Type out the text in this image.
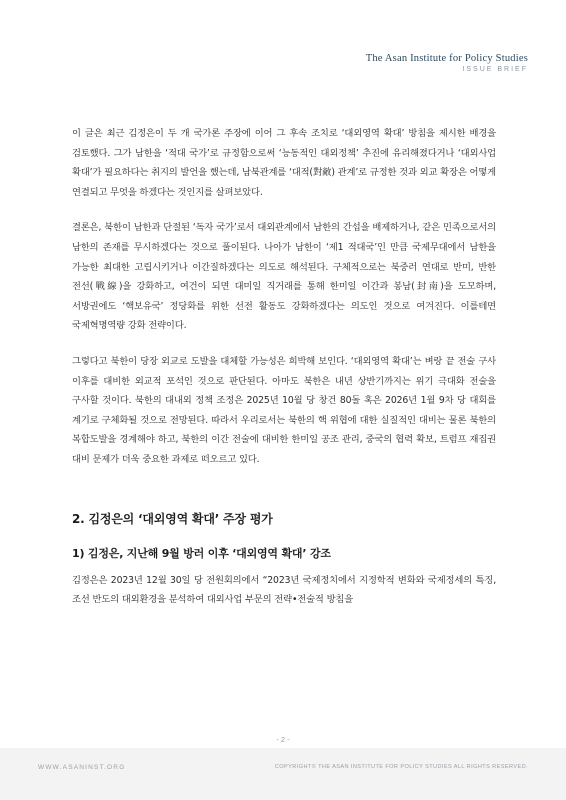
The Asan Institute for Policy Studies
ISSUE BRIEF

이 글은 최근 김정은이 두 개 국가론 주장에 이어 그 후속 조치로 ‘대외영역 확대’ 방침을 제시한 배경을 검토했다. 그가 남한을 ‘적대 국가’로 규정함으로써 ‘능동적인 대외정책’ 추진에 유리해졌다거나 ‘대외사업 확대’가 필요하다는 취지의 발언을 했는데, 남북관계를 ‘대적(對敵) 관계’로 규정한 것과 외교 확장은 어떻게 연결되고 무엇을 하겠다는 것인지를 살펴보았다.

결론은, 북한이 남한과 단절된 ‘독자 국가’로서 대외관계에서 남한의 간섭을 배제하거나, 같은 민족으로서의 남한의 존재를 무시하겠다는 것으로 풀이된다. 나아가 남한이 ‘제1 적대국’인 만큼 국제무대에서 남한을 가능한 최대한 고립시키거나 이간질하겠다는 의도로 해석된다. 구체적으로는 북중러 연대로 반미, 반한 전선(戰線)을 강화하고, 여건이 되면 대미일 직거래를 통해 한미일 이간과 봉남(封南)을 도모하며, 서방권에도 ‘핵보유국’ 정당화를 위한 선전 활동도 강화하겠다는 의도인 것으로 여겨진다. 이를테면 국제혁명역량 강화 전략이다.

그렇다고 북한이 당장 외교로 도발을 대체할 가능성은 희박해 보인다. ‘대외영역 확대’는 벼랑 끝 전술 구사 이후를 대비한 외교적 포석인 것으로 판단된다. 아마도 북한은 내년 상반기까지는 위기 극대화 전술을 구사할 것이다. 북한의 대내외 정책 조정은 2025년 10월 당 창건 80돌 혹은 2026년 1월 9차 당 대회를 계기로 구체화될 것으로 전망된다. 따라서 우리로서는 북한의 핵 위협에 대한 실질적인 대비는 물론 북한의 복합도발을 경계해야 하고, 북한의 이간 전술에 대비한 한미일 공조 관리, 중국의 협력 확보, 트럼프 재집권 대비 문제가 더욱 중요한 과제로 떠오르고 있다.

2. 김정은의 ‘대외영역 확대’ 주장 평가
1) 김정은, 지난해 9월 방러 이후 ‘대외영역 확대’ 강조

김정은은 2023년 12월 30일 당 전원회의에서 “2023년 국제정치에서 지정학적 변화와 국제정세의 특징, 조선 반도의 대외환경을 분석하여 대외사업 부문의 전략•전술적 방침을

- 2 -
WWW.ASANINST.ORG	COPYRIGHT© THE ASAN INSTITUTE FOR POLICY STUDIES ALL RIGHTS RESERVED.
